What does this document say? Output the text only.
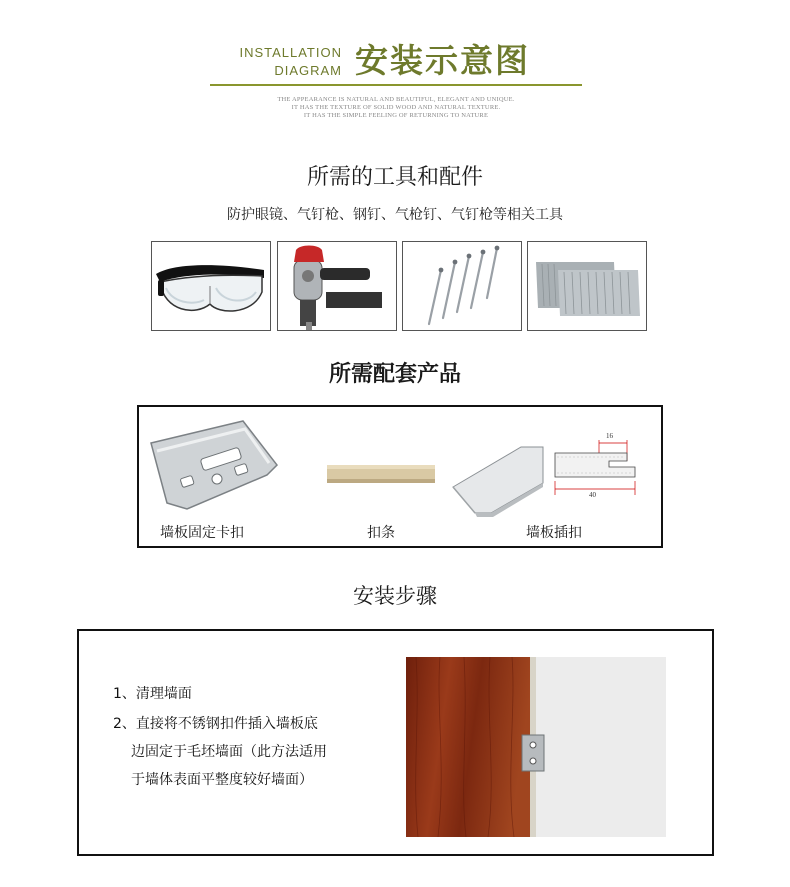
INSTALLATION
DIAGRAM 安装示意图
THE APPEARANCE IS NATURAL AND BEAUTIFUL, ELEGANT AND UNIQUE.
IT HAS THE TEXTURE OF SOLID WOOD AND NATURAL TEXTURE.
IT HAS THE SIMPLE FEELING OF RETURNING TO NATURE
所需的工具和配件
防护眼镜、气钉枪、钢钉、气枪钉、气钉枪等相关工具
所需配套产品
墙板固定卡扣	扣条
16
40
墙板插扣
安装步骤
1、清理墙面
2、直接将不锈钢扣件插入墙板底
边固定于毛坯墙面（此方法适用
于墙体表面平整度较好墙面）
